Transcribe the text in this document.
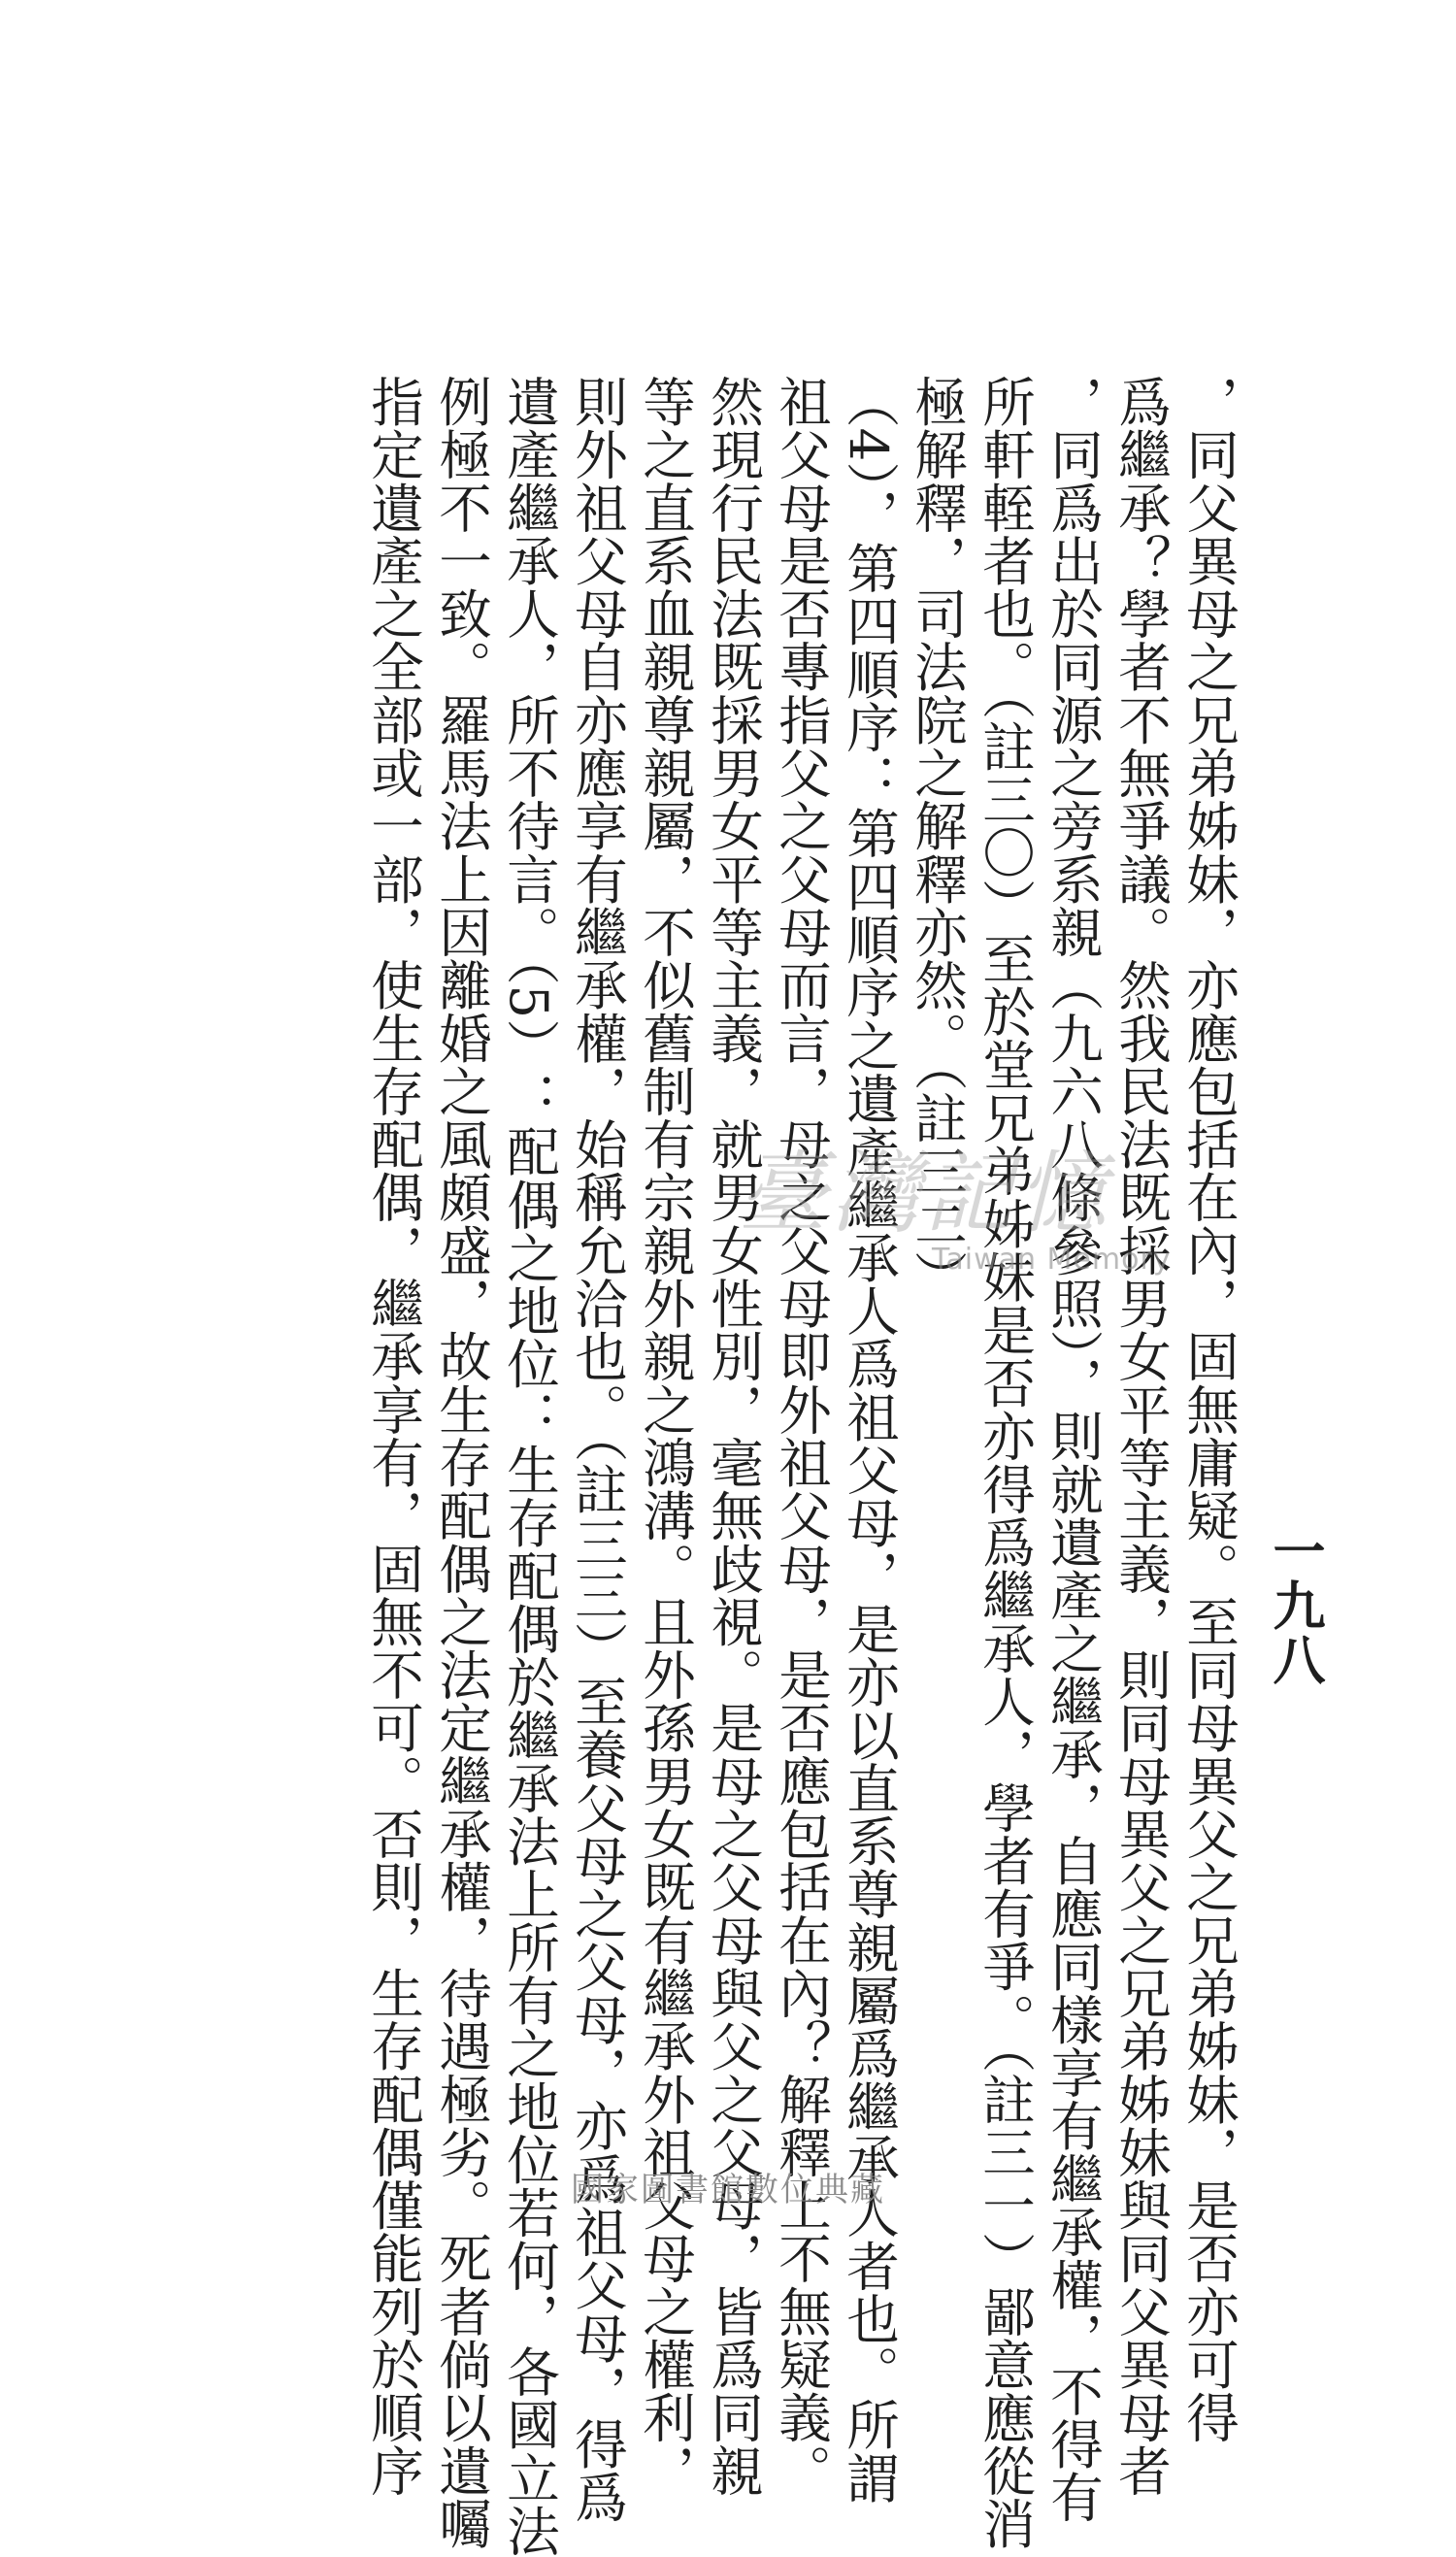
一九八
，同父異母之兄弟姊妹，亦應包括在內，固無庸疑。至同母異父之兄弟姊妹，是否亦可得
爲繼承？學者不無爭議。然我民法既採男女平等主義，則同母異父之兄弟姊妹與同父異母者
，同爲出於同源之旁系親（九六八條參照），則就遺產之繼承，自應同樣享有繼承權，不得有
所軒輊者也。（註三〇）至於堂兄弟姊妹是否亦得爲繼承人，學者有爭。（註三一）鄙意應從消
極解釋，司法院之解釋亦然。（註三二）
（4），第四順序：第四順序之遺產繼承人爲祖父母，是亦以直系尊親屬爲繼承人者也。所謂
祖父母是否專指父之父母而言，母之父母即外祖父母，是否應包括在內？解釋上不無疑義。
然現行民法既採男女平等主義，就男女性別，毫無歧視。是母之父母與父之父母，皆爲同親
等之直系血親尊親屬，不似舊制有宗親外親之鴻溝。且外孫男女既有繼承外祖父母之權利，
則外祖父母自亦應享有繼承權，始稱允洽也。（註三三）至養父母之父母，亦爲祖父母，得爲
遺產繼承人，所不待言。（5）：配偶之地位：生存配偶於繼承法上所有之地位若何，各國立法
例極不一致。羅馬法上因離婚之風頗盛，故生存配偶之法定繼承權，待遇極劣。死者倘以遺囑
指定遺產之全部或一部，使生存配偶，繼承享有，固無不可。否則，生存配偶僅能列於順序	臺灣記憶
Taiwan Memory
國家圖書館數位典藏
